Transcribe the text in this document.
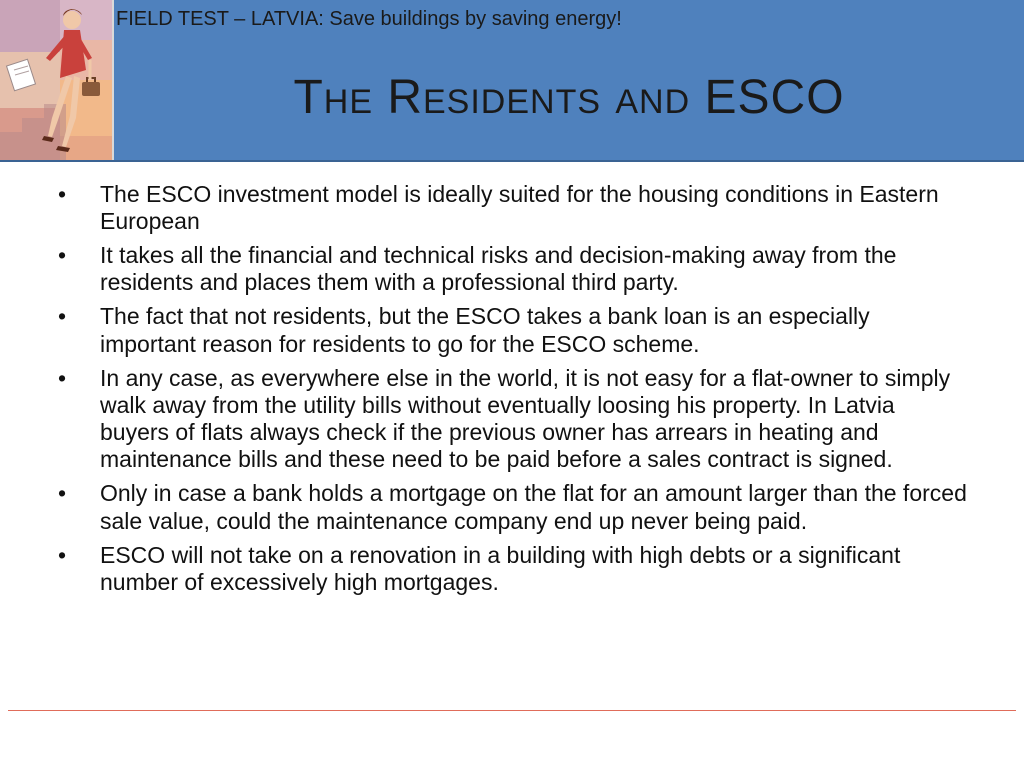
FIELD TEST – LATVIA: Save buildings by saving energy!
The Residents and ESCO
•	The ESCO investment model is ideally suited for the housing conditions in Eastern European
•	It takes all the financial and technical risks and decision-making away from the residents and places them with a professional third party.
•	The fact that not residents, but the ESCO takes a bank loan is an especially important reason for residents to go for the ESCO scheme.
•	In any case, as everywhere else in the world, it is not easy for a flat-owner to simply walk away from the utility bills without eventually loosing his property. In Latvia buyers of flats always check if the previous owner has arrears in heating and maintenance bills and these need to be paid before a sales contract is signed.
•	Only in case a bank holds a mortgage on the flat for an amount larger than the forced sale value, could the maintenance company end up never being paid.
•	ESCO will not take on a renovation in a building with high debts or a significant number of excessively high mortgages.
